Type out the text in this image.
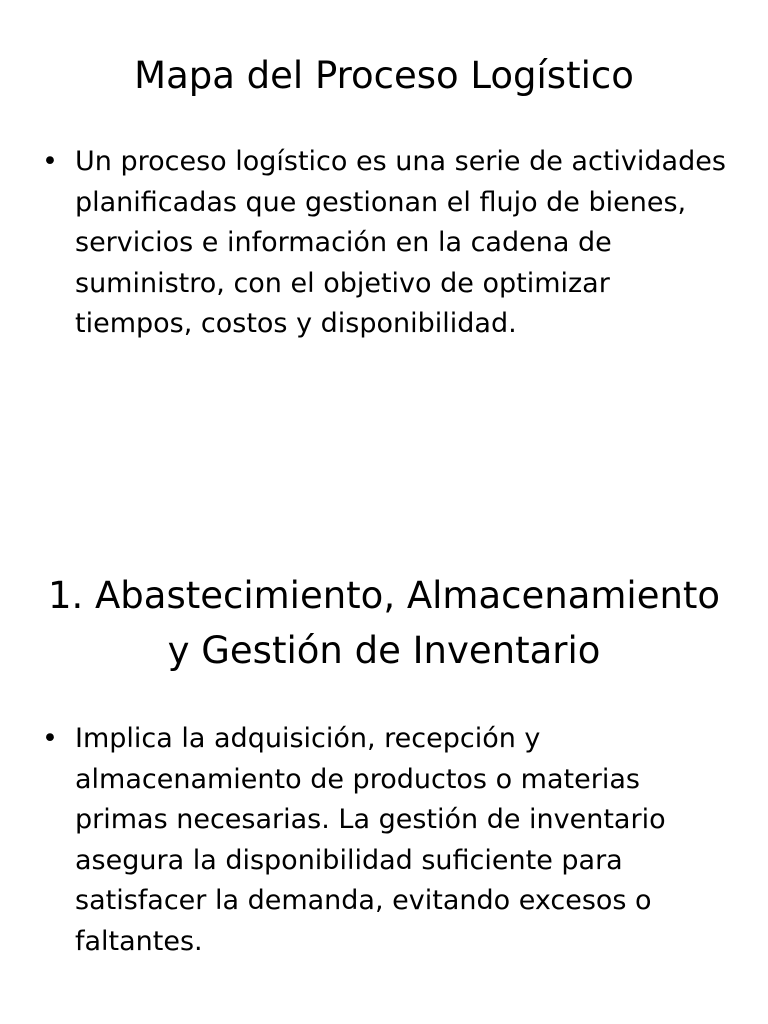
Mapa del Proceso Logístico
• Un proceso logístico es una serie de actividades planificadas que gestionan el flujo de bienes, servicios e información en la cadena de suministro, con el objetivo de optimizar tiempos, costos y disponibilidad.
1. Abastecimiento, Almacenamiento y Gestión de Inventario
• Implica la adquisición, recepción y almacenamiento de productos o materias primas necesarias. La gestión de inventario asegura la disponibilidad suficiente para satisfacer la demanda, evitando excesos o faltantes.
